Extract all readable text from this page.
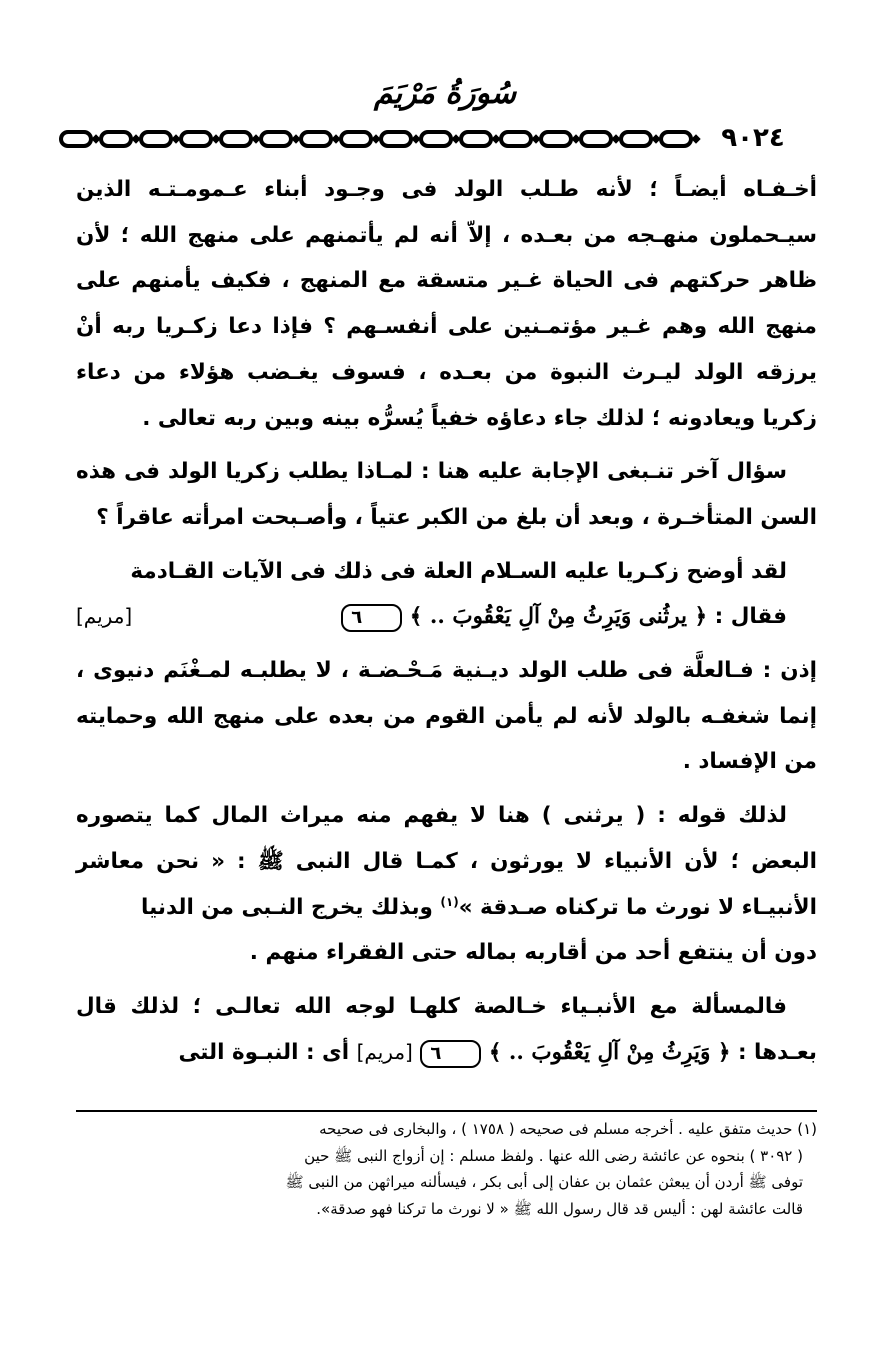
سُورَةُ مَرْيَمَ
٩٠٢٤

أخـفـاه أيضـاً ؛ لأنه طـلب الولد فى وجـود أبناء عـمومـتـه الذين سيـحملون منهـجه من بعـده ، إلاّ أنه لم يأتمنهم على منهج الله ؛ لأن ظاهر حركتهم فى الحياة غـير متسقة مع المنهج ، فكيف يأمنهم على منهج الله وهم غـير مؤتمـنين على أنفسـهم ؟ فإذا دعا زكـريا ربه أنْ يرزقه الولد ليـرث النبوة من بعـده ، فسوف يغـضب هؤلاء من دعاء زكريا ويعادونه ؛ لذلك جاء دعاؤه خفياً يُسرُّه بينه وبين ربه تعالى .

سؤال آخر تنـبغى الإجابة عليه هنا : لمـاذا يطلب زكريا الولد فى هذه السن المتأخـرة ، وبعد أن بلغ من الكبر عتياً ، وأصـبحت امرأته عاقراً ؟

لقد أوضح زكـريا عليه السـلام العلة فى ذلك فى الآيات القـادمة
فقال : ﴿ يرثُنى وَيَرِثُ مِنْ آلِ يَعْقُوبَ .. ﴾ ٦
[مريم]

إذن : فـالعلَّة فى طلب الولد ديـنية مَـحْـضـة ، لا يطلبـه لمـغْنَم دنيوى ، إنما شغفـه بالولد لأنه لم يأمن القوم من بعده على منهج الله وحمايته من الإفساد .

لذلك قوله : ( يرثنى ) هنا لا يفهم منه ميراث المال كما يتصوره البعض ؛ لأن الأنبياء لا يورثون ، كمـا قال النبى ﷺ : « نحن معاشر الأنبيـاء لا نورث ما تركناه صـدقة »$^{(١)}$ وبذلك يخرج النـبى من الدنيا

دون أن ينتفع أحد من أقاربه بماله حتى الفقراء منهم .

فالمسألة مع الأنبـياء خـالصة كلهـا لوجه الله تعالـى ؛ لذلك قال بعـدها : ﴿ وَيَرِثُ مِنْ آلِ يَعْقُوبَ .. ﴾ ٦ [مريم] أى : النبـوة التى

(١) حديث متفق عليه . أخرجه مسلم فى صحيحه ( ١٧٥٨ ) ، والبخارى فى صحيحه

( ٣٠٩٢ ) بنحوه عن عائشة رضى الله عنها . ولفظ مسلم : إن أزواج النبى ﷺ حين

توفى ﷺ أردن أن يبعثن عثمان بن عفان إلى أبى بكر ، فيسألنه ميراثهن من النبى ﷺ

قالت عائشة لهن : أليس قد قال رسول الله ﷺ « لا نورث ما تركنا فهو صدقة».
